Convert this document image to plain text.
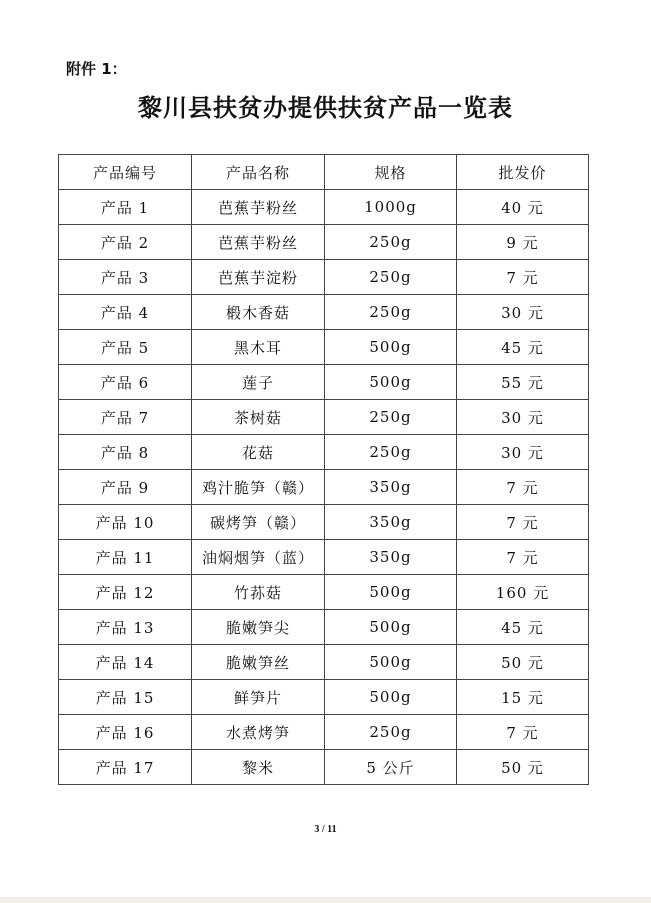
附件 1：
黎川县扶贫办提供扶贫产品一览表
产品编号	产品名称	规格	批发价
产品 1	芭蕉芋粉丝	1000g	40 元
产品 2	芭蕉芋粉丝	250g	9 元
产品 3	芭蕉芋淀粉	250g	7 元
产品 4	椴木香菇	250g	30 元
产品 5	黑木耳	500g	45 元
产品 6	莲子	500g	55 元
产品 7	茶树菇	250g	30 元
产品 8	花菇	250g	30 元
产品 9	鸡汁脆笋（赣）	350g	7 元
产品 10	碳烤笋（赣）	350g	7 元
产品 11	油焖烟笋（蓝）	350g	7 元
产品 12	竹荪菇	500g	160 元
产品 13	脆嫩笋尖	500g	45 元
产品 14	脆嫩笋丝	500g	50 元
产品 15	鲜笋片	500g	15 元
产品 16	水煮烤笋	250g	7 元
产品 17	黎米	5 公斤	50 元
3 / 11
